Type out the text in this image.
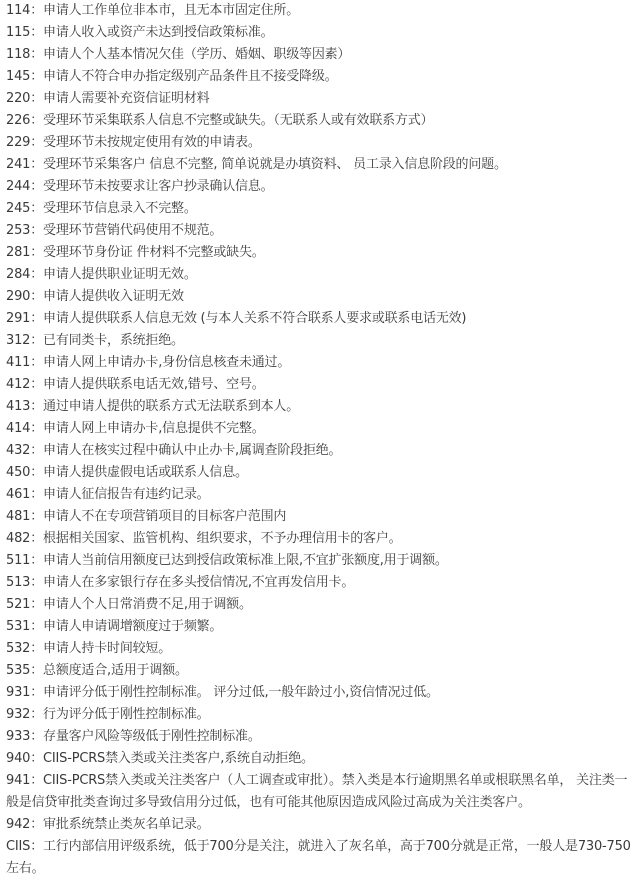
114：申请人工作单位非本市，且无本市固定住所。
115：申请人收入或资产未达到授信政策标准。
118：申请人个人基本情况欠佳（学历、婚姻、职级等因素）
145：申请人不符合申办指定级别产品条件且不接受降级。
220：申请人需要补充资信证明材料
226：受理环节采集联系人信息不完整或缺失。（无联系人或有效联系方式）
229：受理环节未按规定使用有效的申请表。
241：受理环节采集客户 信息不完整, 简单说就是办填资料、 员工录入信息阶段的问题。
244：受理环节未按要求让客户抄录确认信息。
245：受理环节信息录入不完整。
253：受理环节营销代码使用不规范。
281：受理环节身份证 件材料不完整或缺失。
284：申请人提供职业证明无效。
290：申请人提供收入证明无效
291：申请人提供联系人信息无效 (与本人关系不符合联系人要求或联系电话无效)
312：已有同类卡，系统拒绝。
411：申请人网上申请办卡,身份信息核查未通过。
412：申请人提供联系电话无效,错号、空号。
413：通过申请人提供的联系方式无法联系到本人。
414：申请人网上申请办卡,信息提供不完整。
432：申请人在核实过程中确认中止办卡,属调查阶段拒绝。
450：申请人提供虚假电话或联系人信息。
461：申请人征信报告有违约记录。
481：申请人不在专项营销项目的目标客户范围内
482：根据相关国家、监管机构、组织要求，不予办理信用卡的客户。
511：申请人当前信用额度已达到授信政策标准上限,不宜扩张额度,用于调额。
513：申请人在多家银行存在多头授信情况,不宜再发信用卡。
521：申请人个人日常消费不足,用于调额。
531：申请人申请调增额度过于频繁。
532：申请人持卡时间较短。
535：总额度适合,适用于调额。
931：申请评分低于刚性控制标准。 评分过低,一般年龄过小,资信情况过低。
932：行为评分低于刚性控制标准。
933：存量客户风险等级低于刚性控制标准。
940：CIIS-PCRS禁入类或关注类客户,系统自动拒绝。
941：CIIS-PCRS禁入类或关注类客户（人工调查或审批）。禁入类是本行逾期黑名单或根联黑名单， 关注类一般是信贷审批类查询过多导致信用分过低，也有可能其他原因造成风险过高成为关注类客户。
942：审批系统禁止类灰名单记录。
CIIS：工行内部信用评级系统，低于700分是关注，就进入了灰名单，高于700分就是正常，一般人是730-750左右。
